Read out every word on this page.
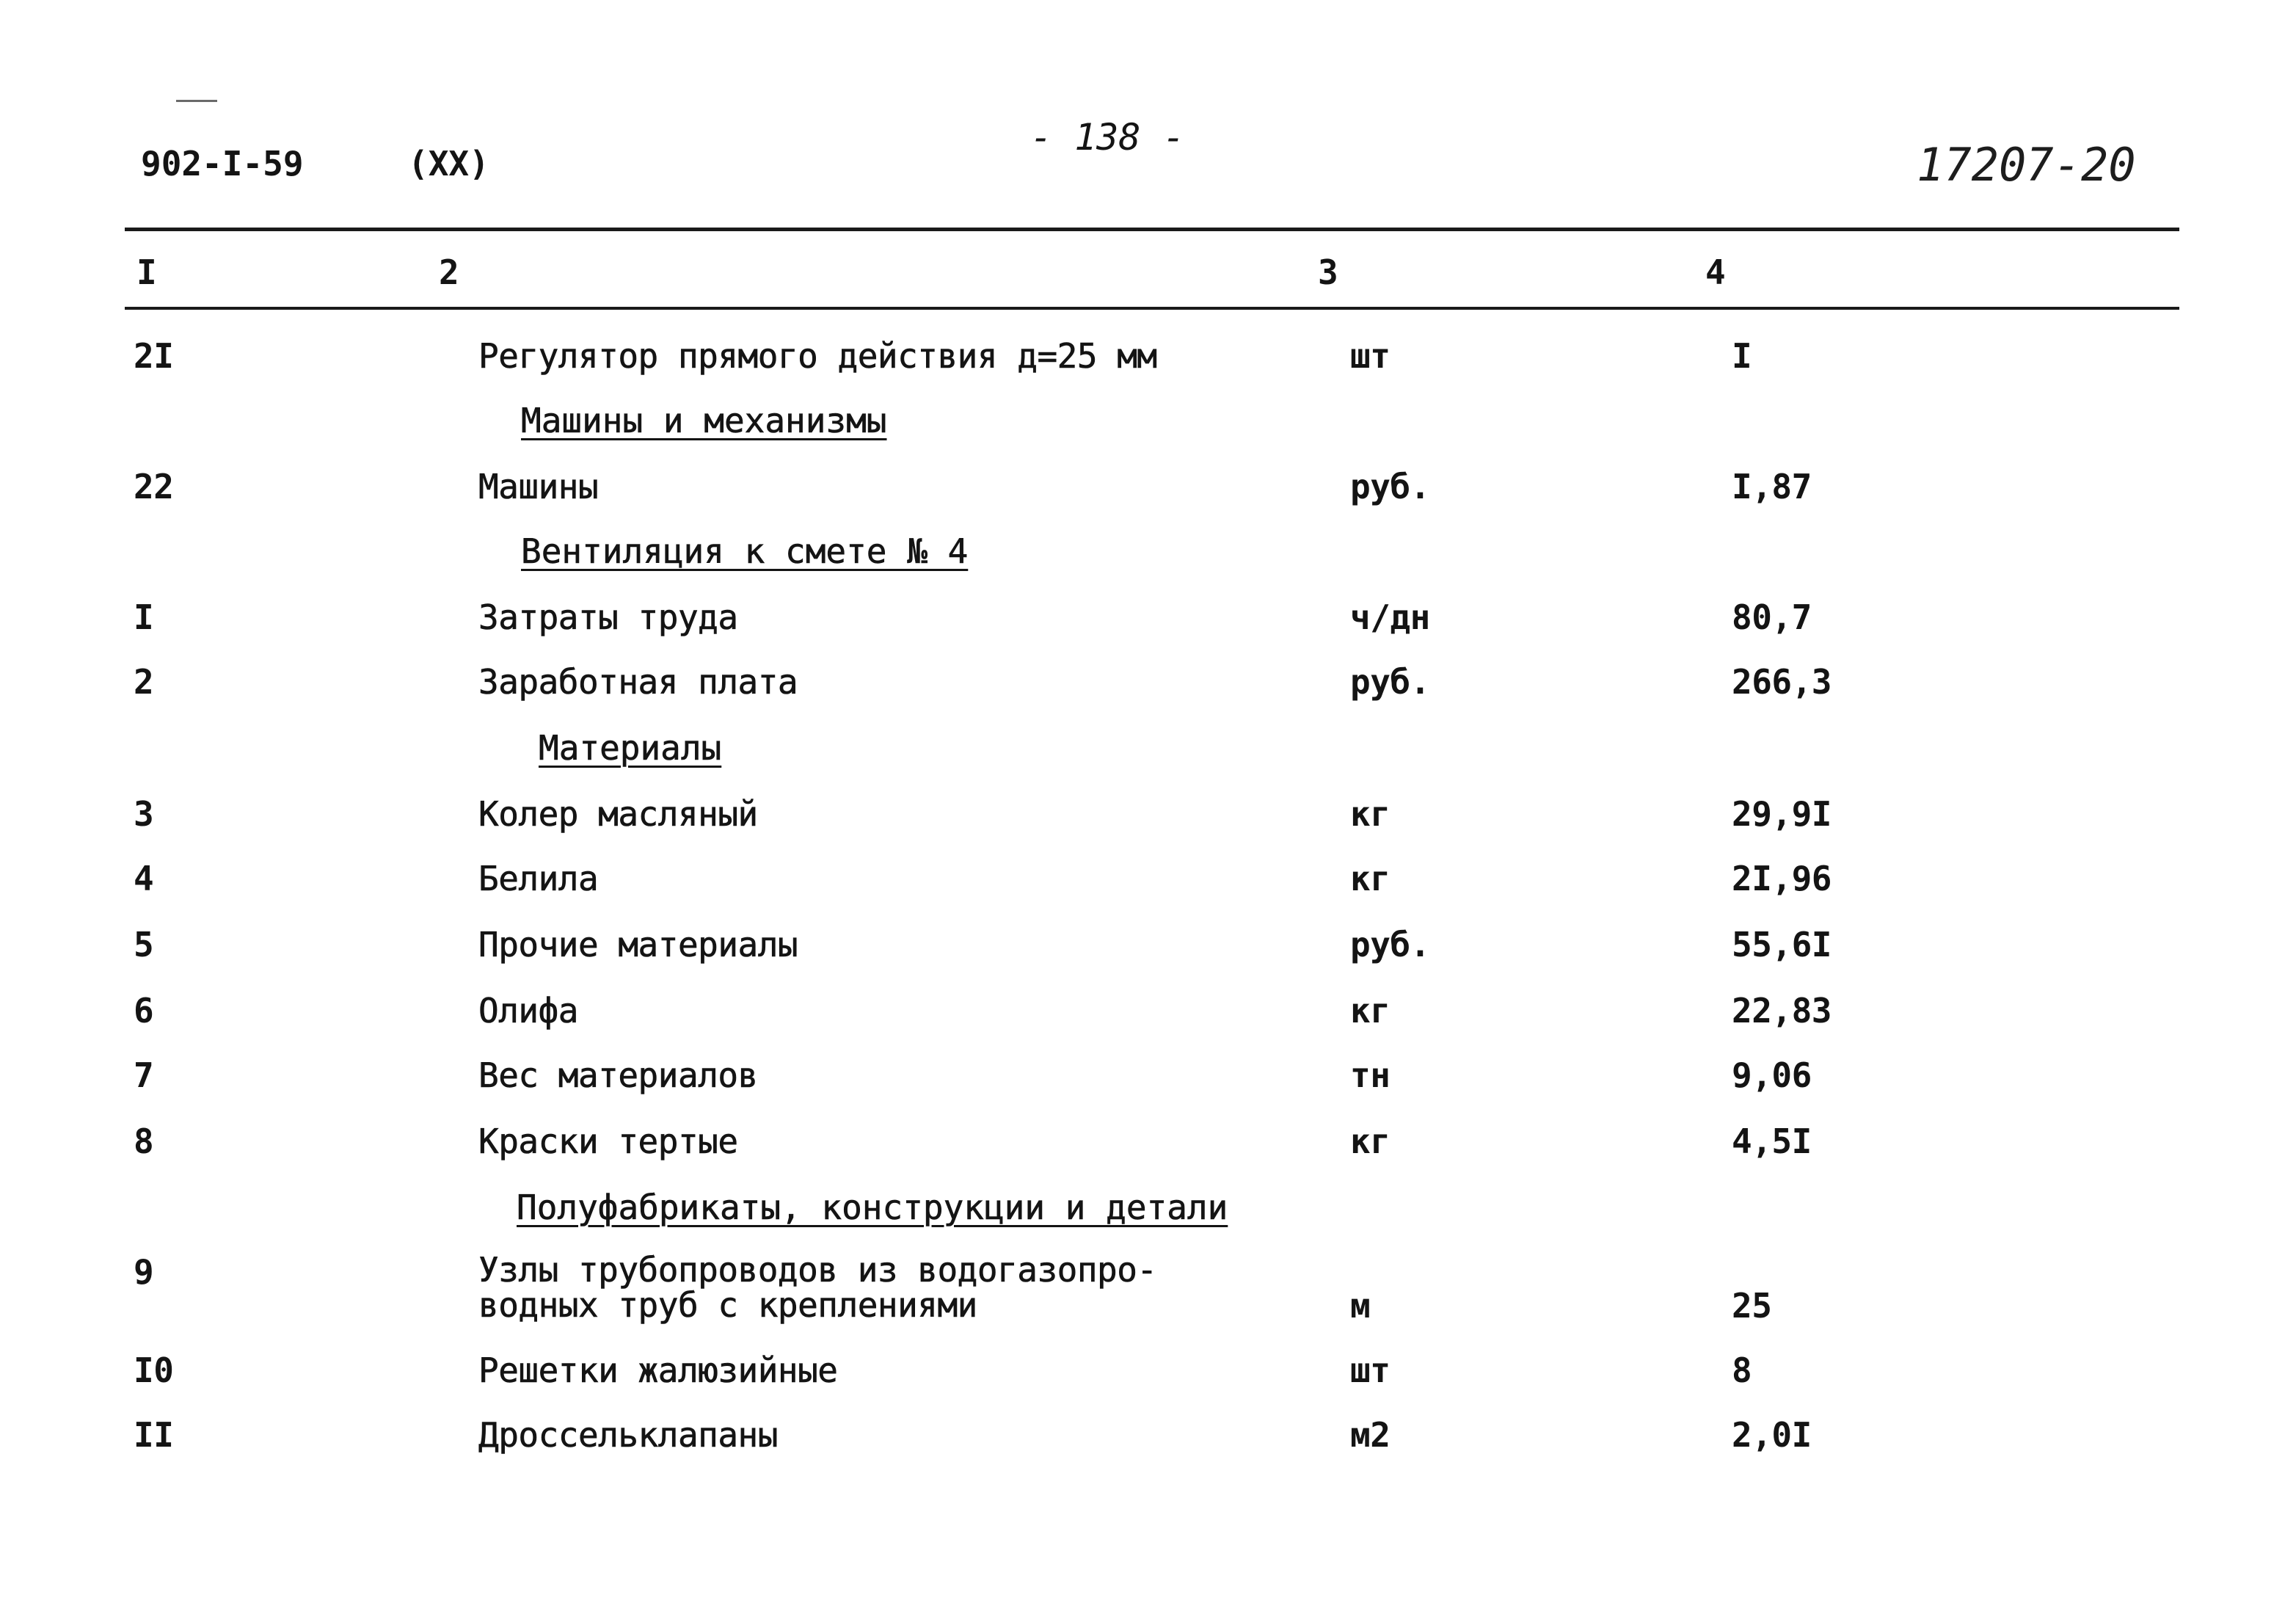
902-I-59	(XX)
- 138 -
17207-20
I	2	3	4
2I	Регулятор прямого действия д=25 мм	шт	I
Машины и механизмы
22	Машины	руб.	I,87
Вентиляция к смете № 4
I	Затраты труда	ч/дн	80,7
2	Заработная плата	руб.	266,3
Материалы
3	Колер масляный	кг	29,9I
4	Белила	кг	2I,96
5	Прочие материалы	руб.	55,6I
6	Олифа	кг	22,83
7	Вес материалов	тн	9,06
8	Краски тертые	кг	4,5I
Полуфабрикаты, конструкции и детали
9	Узлы трубопроводов из водогазопро-
водных труб с креплениями	м	25
I0	Решетки жалюзийные	шт	8
II	Дроссельклапаны	м2	2,0I
